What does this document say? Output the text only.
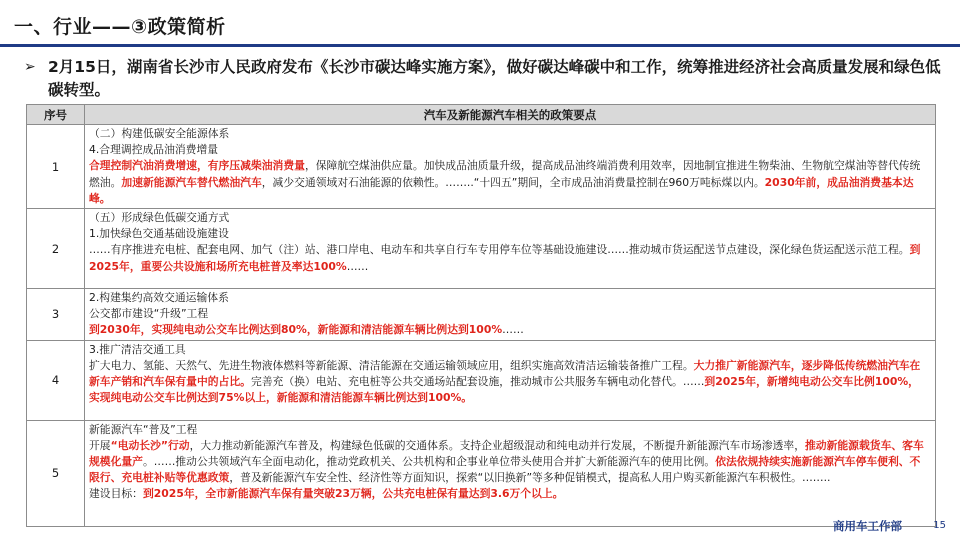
一、行业——③政策简析
➢ 2月15日，湖南省长沙市人民政府发布《长沙市碳达峰实施方案》，做好碳达峰碳中和工作，统筹推进经济社会高质量发展和绿色低碳转型。
序号	汽车及新能源汽车相关的政策要点
1	（二）构建低碳安全能源体系

4.合理调控成品油消费增量

合理控制汽油消费增速，有序压减柴油消费量，保障航空煤油供应量。加快成品油质量升级，提高成品油终端消费利用效率，因地制宜推进生物柴油、生物航空煤油等替代传统燃油。加速新能源汽车替代燃油汽车，减少交通领域对石油能源的依赖性。……..“十四五”期间，全市成品油消费量控制在960万吨标煤以内。2030年前，成品油消费基本达峰。

2	（五）形成绿色低碳交通方式

1.加快绿色交通基础设施建设

……有序推进充电桩、配套电网、加气（注）站、港口岸电、电动车和共享自行车专用停车位等基础设施建设……推动城市货运配送节点建设，深化绿色货运配送示范工程。到2025年，重要公共设施和场所充电桩普及率达100%……

3	2.构建集约高效交通运输体系

公交都市建设“升级”工程

到2030年，实现纯电动公交车比例达到80%，新能源和清洁能源车辆比例达到100%……

4	3.推广清洁交通工具

扩大电力、氢能、天然气、先进生物液体燃料等新能源、清洁能源在交通运输领域应用，组织实施高效清洁运输装备推广工程。大力推广新能源汽车，逐步降低传统燃油汽车在新车产销和汽车保有量中的占比。完善充（换）电站、充电桩等公共交通场站配套设施，推动城市公共服务车辆电动化替代。……到2025年，新增纯电动公交车比例100%，实现纯电动公交车比例达到75%以上，新能源和清洁能源车辆比例达到100%。

5	新能源汽车“普及”工程

开展“电动长沙”行动，大力推动新能源汽车普及，构建绿色低碳的交通体系。支持企业超级混动和纯电动并行发展，不断提升新能源汽车市场渗透率，推动新能源载货车、客车规模化量产。……推动公共领域汽车全面电动化，推动党政机关、公共机构和企事业单位带头使用合并扩大新能源汽车的使用比例。依法依规持续实施新能源汽车停车便利、不限行、充电桩补贴等优惠政策，普及新能源汽车安全性、经济性等方面知识，探索“以旧换新”等多种促销模式，提高私人用户购买新能源汽车积极性。……..

建设目标：到2025年，全市新能源汽车保有量突破23万辆，公共充电桩保有量达到3.6万个以上。

商用车工作部	15
